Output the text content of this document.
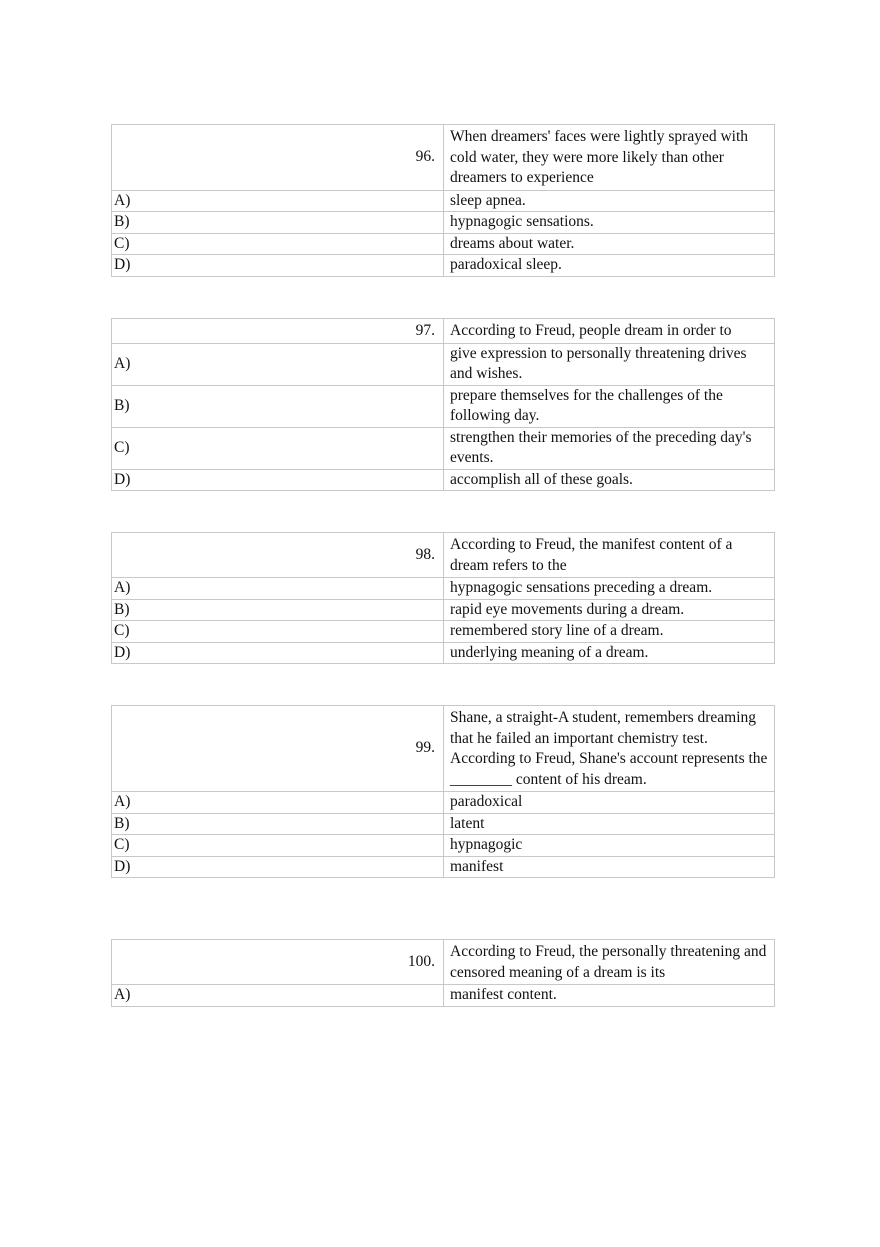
96.	When dreamers' faces were lightly sprayed with cold water, they were more likely than other dreamers to experience
A)	sleep apnea.
B)	hypnagogic sensations.
C)	dreams about water.
D)	paradoxical sleep.
97.	According to Freud, people dream in order to
A)	give expression to personally threatening drives and wishes.
B)	prepare themselves for the challenges of the following day.
C)	strengthen their memories of the preceding day's events.
D)	accomplish all of these goals.
98.	According to Freud, the manifest content of a dream refers to the
A)	hypnagogic sensations preceding a dream.
B)	rapid eye movements during a dream.
C)	remembered story line of a dream.
D)	underlying meaning of a dream.
99.	Shane, a straight-A student, remembers dreaming that he failed an important chemistry test. According to Freud, Shane's account represents the ________ content of his dream.
A)	paradoxical
B)	latent
C)	hypnagogic
D)	manifest
100.	According to Freud, the personally threatening and censored meaning of a dream is its
A)	manifest content.
